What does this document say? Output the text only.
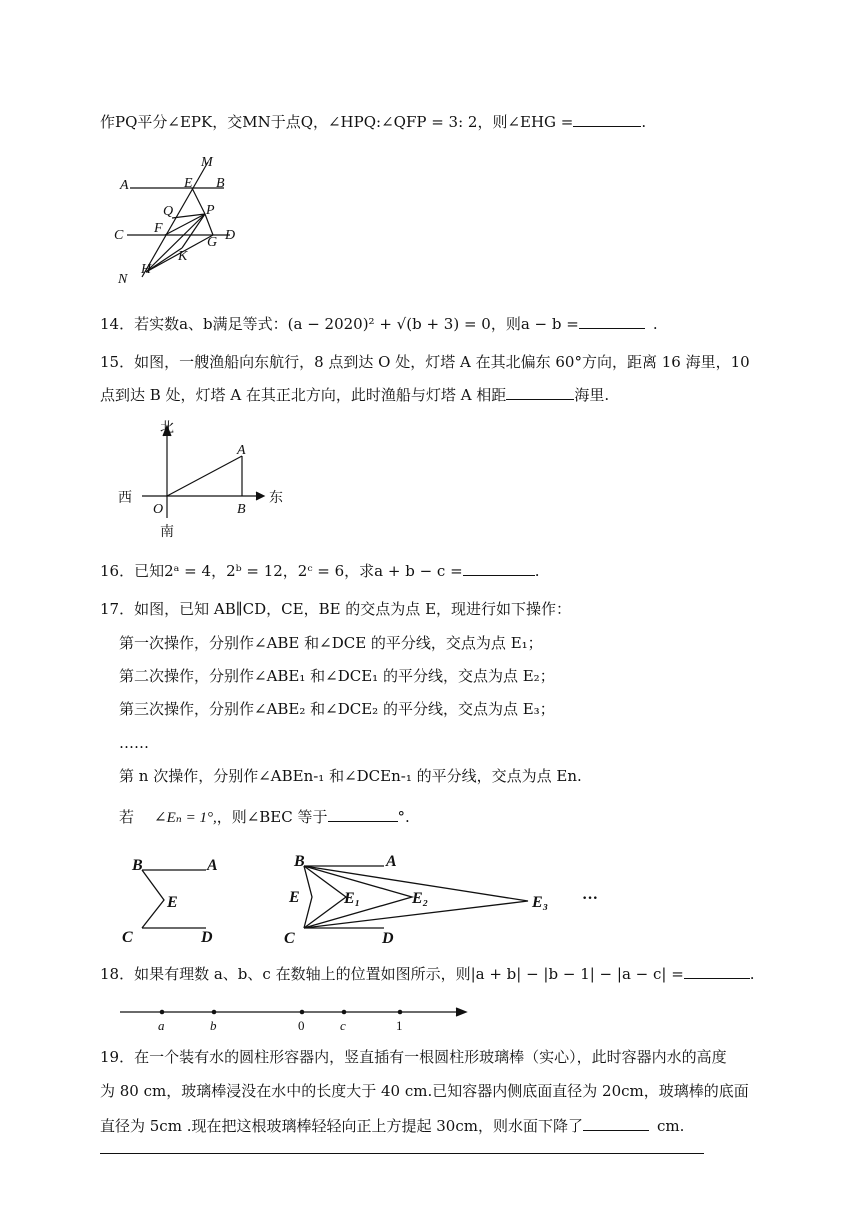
作PQ平分∠EPK，交MN于点Q，∠HPQ:∠QFP = 3: 2，则∠EHG =	.
M
A	E B
Q P
C F
G D
K
H
N
14．若实数a、b满足等式：(a − 2020)² + √(b + 3) = 0，则a − b =	.
15．如图，一艘渔船向东航行，8 点到达 O 处，灯塔 A 在其北偏东 60°方向，距离 16 海里，10
点到达 B 处，灯塔 A 在其正北方向，此时渔船与灯塔 A 相距	海里.
北
西	东
南
O
A
B
16．已知2ᵃ = 4，2ᵇ = 12，2ᶜ = 6，求a + b − c =	.
17．如图，已知 AB∥CD，CE，BE 的交点为点 E，现进行如下操作：
第一次操作，分别作∠ABE 和∠DCE 的平分线，交点为点 E₁；
第二次操作，分别作∠ABE₁ 和∠DCE₁ 的平分线，交点为点 E₂；
第三次操作，分别作∠ABE₂ 和∠DCE₂ 的平分线，交点为点 E₃；
……
第 n 次操作，分别作∠ABEn-₁ 和∠DCEn-₁ 的平分线，交点为点 En.
若 ∠Eₙ = 1°,，则∠BEC 等于	°.
B	A
E
C	D
B	A
E	E₁	E₂	E₃ ···
C	D
18．如果有理数 a、b、c 在数轴上的位置如图所示，则|a + b| − |b − 1| − |a − c| =	.
a	b	0	c	1
19．在一个装有水的圆柱形容器内，竖直插有一根圆柱形玻璃棒（实心），此时容器内水的高度
为 80 cm，玻璃棒浸没在水中的长度大于 40 cm.已知容器内侧底面直径为 20cm，玻璃棒的底面
直径为 5cm .现在把这根玻璃棒轻轻向正上方提起 30cm，则水面下降了	cm.
